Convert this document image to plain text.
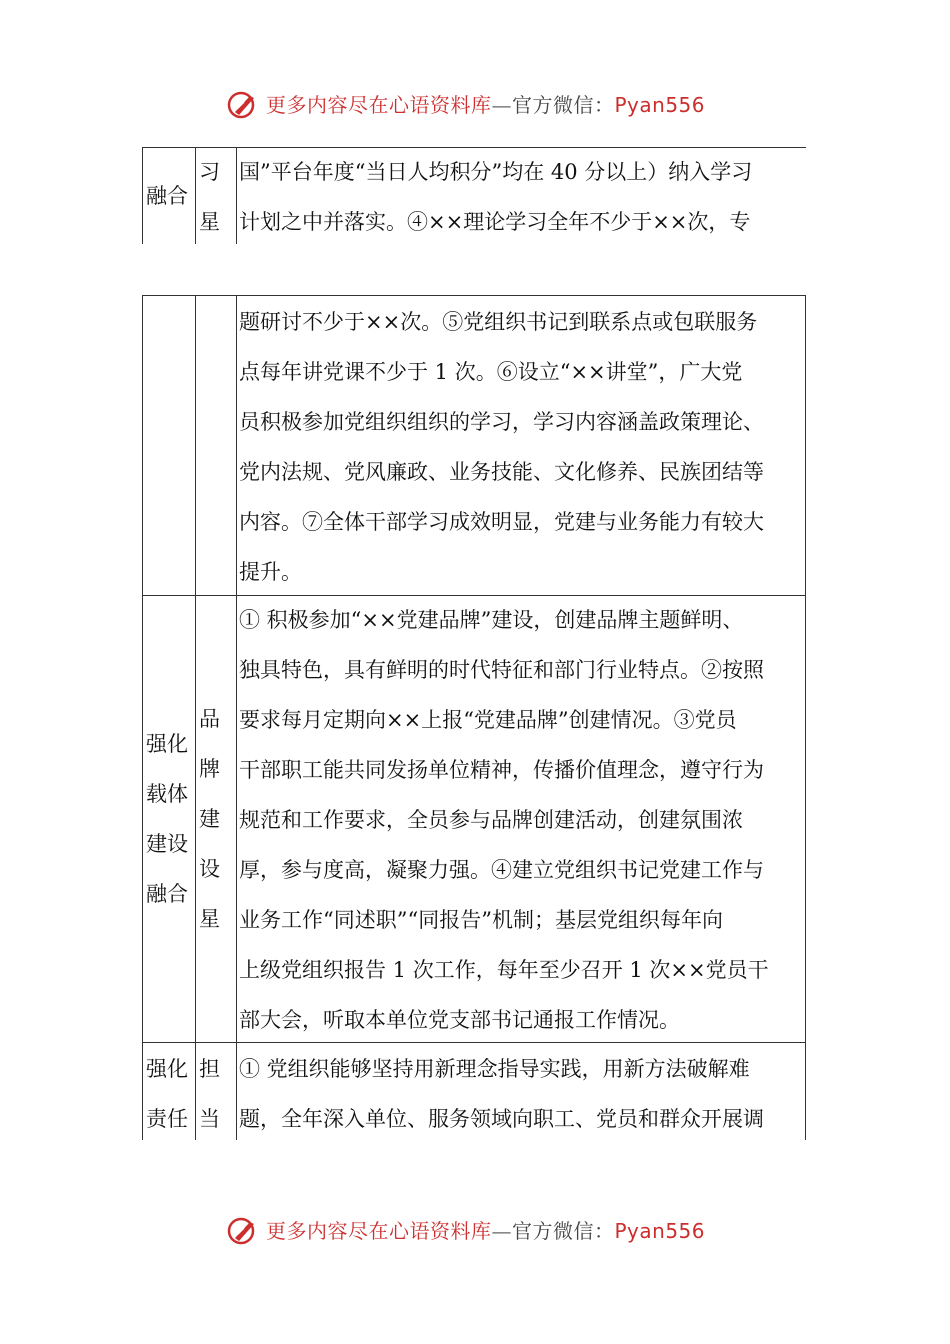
更多内容尽在心语资料库—官方微信：Pyan556
融合
习
星
国”平台年度“当日人均积分”均在 40 分以上）纳入学习
计划之中并落实。④××理论学习全年不少于××次，专
题研讨不少于××次。⑤党组织书记到联系点或包联服务
点每年讲党课不少于 1 次。⑥设立“××讲堂”，广大党
员积极参加党组织组织的学习，学习内容涵盖政策理论、
党内法规、党风廉政、业务技能、文化修养、民族团结等
内容。⑦全体干部学习成效明显，党建与业务能力有较大
提升。
强化
载体
建设
融合
品
牌
建
设
星
① 积极参加“××党建品牌”建设，创建品牌主题鲜明、
独具特色，具有鲜明的时代特征和部门行业特点。②按照
要求每月定期向××上报“党建品牌”创建情况。③党员
干部职工能共同发扬单位精神，传播价值理念，遵守行为
规范和工作要求，全员参与品牌创建活动，创建氛围浓
厚，参与度高，凝聚力强。④建立党组织书记党建工作与
业务工作“同述职”“同报告”机制；基层党组织每年向
上级党组织报告 1 次工作，每年至少召开 1 次××党员干
部大会，听取本单位党支部书记通报工作情况。
强化
责任
担
当
① 党组织能够坚持用新理念指导实践，用新方法破解难
题，全年深入单位、服务领域向职工、党员和群众开展调
更多内容尽在心语资料库—官方微信：Pyan556
